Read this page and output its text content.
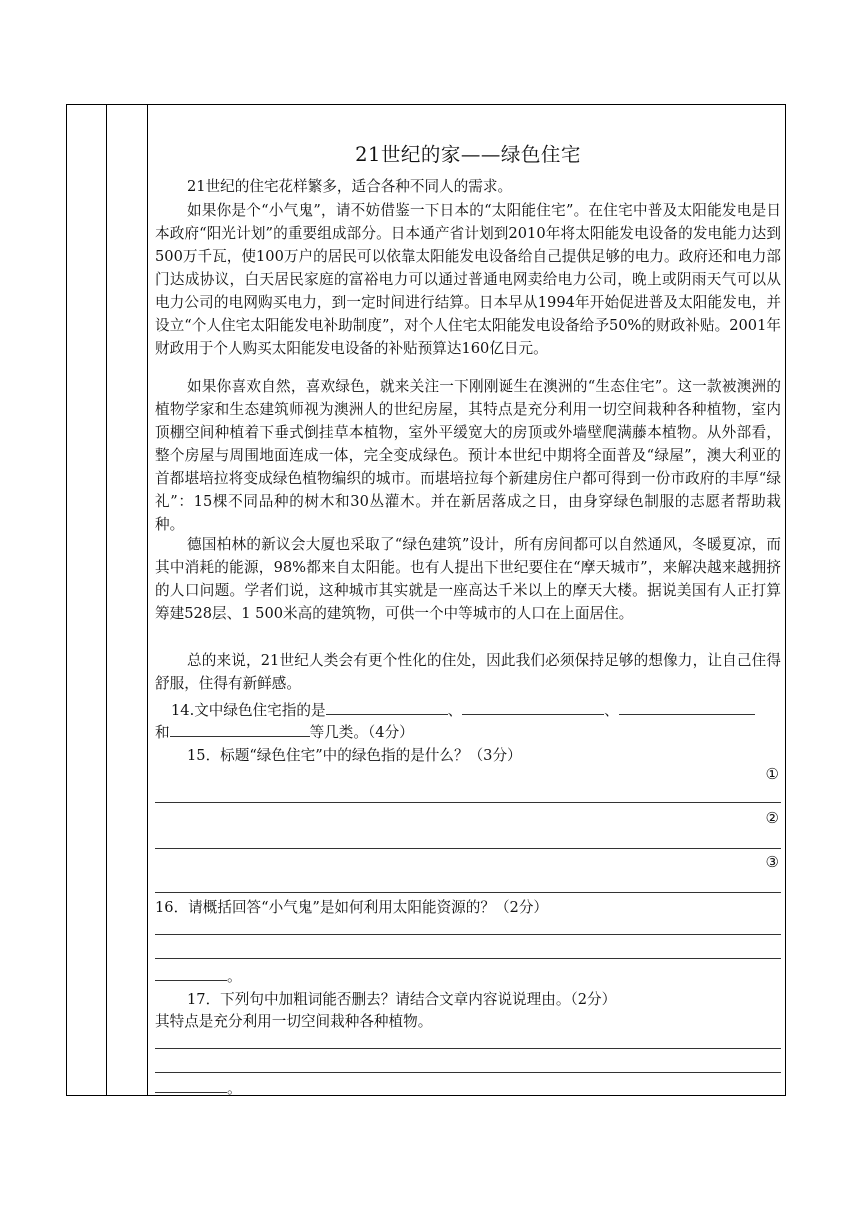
21世纪的家——绿色住宅
21世纪的住宅花样繁多，适合各种不同人的需求。
如果你是个“小气鬼”，请不妨借鉴一下日本的“太阳能住宅”。在住宅中普及太阳能发电是日本政府“阳光计划”的重要组成部分。日本通产省计划到2010年将太阳能发电设备的发电能力达到500万千瓦，使100万户的居民可以依靠太阳能发电设备给自己提供足够的电力。政府还和电力部门达成协议，白天居民家庭的富裕电力可以通过普通电网卖给电力公司，晚上或阴雨天气可以从电力公司的电网购买电力，到一定时间进行结算。日本早从1994年开始促进普及太阳能发电，并设立“个人住宅太阳能发电补助制度”，对个人住宅太阳能发电设备给予50%的财政补贴。2001年财政用于个人购买太阳能发电设备的补贴预算达160亿日元。
如果你喜欢自然，喜欢绿色，就来关注一下刚刚诞生在澳洲的“生态住宅”。这一款被澳洲的植物学家和生态建筑师视为澳洲人的世纪房屋，其特点是充分利用一切空间栽种各种植物，室内顶棚空间种植着下垂式倒挂草本植物，室外平缓宽大的房顶或外墙壁爬满藤本植物。从外部看，整个房屋与周围地面连成一体，完全变成绿色。预计本世纪中期将全面普及“绿屋”，澳大利亚的首都堪培拉将变成绿色植物编织的城市。而堪培拉每个新建房住户都可得到一份市政府的丰厚“绿礼”：15棵不同品种的树木和30丛灌木。并在新居落成之日，由身穿绿色制服的志愿者帮助栽种。
德国柏林的新议会大厦也采取了“绿色建筑”设计，所有房间都可以自然通风，冬暖夏凉，而其中消耗的能源，98%都来自太阳能。也有人提出下世纪要住在“摩天城市”，来解决越来越拥挤的人口问题。学者们说，这种城市其实就是一座高达千米以上的摩天大楼。据说美国有人正打算筹建528层、1 500米高的建筑物，可供一个中等城市的人口在上面居住。
总的来说，21世纪人类会有更个性化的住处，因此我们必须保持足够的想像力，让自己住得舒服，住得有新鲜感。
14.文中绿色住宅指的是	、	、
和	等几类。（4分）
15．标题“绿色住宅”中的绿色指的是什么？（3分）
①
②
③
16．请概括回答“小气鬼”是如何利用太阳能资源的？（2分）
。
17．下列句中加粗词能否删去？请结合文章内容说说理由。（2分）
其特点是充分利用一切空间栽种各种植物。
。
